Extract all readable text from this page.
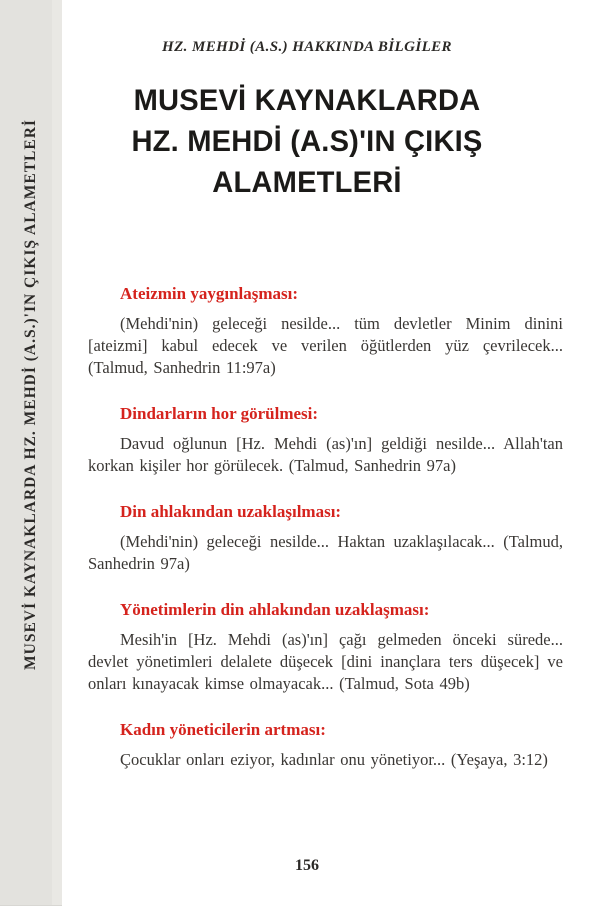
MUSEVİ KAYNAKLARDA HZ. MEHDİ (A.S.)'IN ÇIKIŞ ALAMETLERİ
HZ. MEHDİ (A.S.) HAKKINDA BİLGİLER
MUSEVİ KAYNAKLARDA
HZ. MEHDİ (A.S)'IN ÇIKIŞ
ALAMETLERİ
Ateizmin yaygınlaşması:

(Mehdi'nin) geleceği nesilde... tüm devletler Minim dinini [ateizmi] kabul edecek ve verilen öğütlerden yüz çevrilecek... (Talmud, Sanhedrin 11:97a)

Dindarların hor görülmesi:

Davud oğlunun [Hz. Mehdi (as)'ın] geldiği nesilde... Allah'tan korkan kişiler hor görülecek. (Talmud, Sanhedrin 97a)

Din ahlakından uzaklaşılması:

(Mehdi'nin) geleceği nesilde... Haktan uzaklaşılacak... (Talmud, Sanhedrin 97a)

Yönetimlerin din ahlakından uzaklaşması:

Mesih'in [Hz. Mehdi (as)'ın] çağı gelmeden önceki sürede... devlet yönetimleri delalete düşecek [dini inançlara ters düşecek] ve onları kınayacak kimse olmayacak... (Talmud, Sota 49b)

Kadın yöneticilerin artması:

Çocuklar onları eziyor, kadınlar onu yönetiyor... (Yeşaya, 3:12)

156
